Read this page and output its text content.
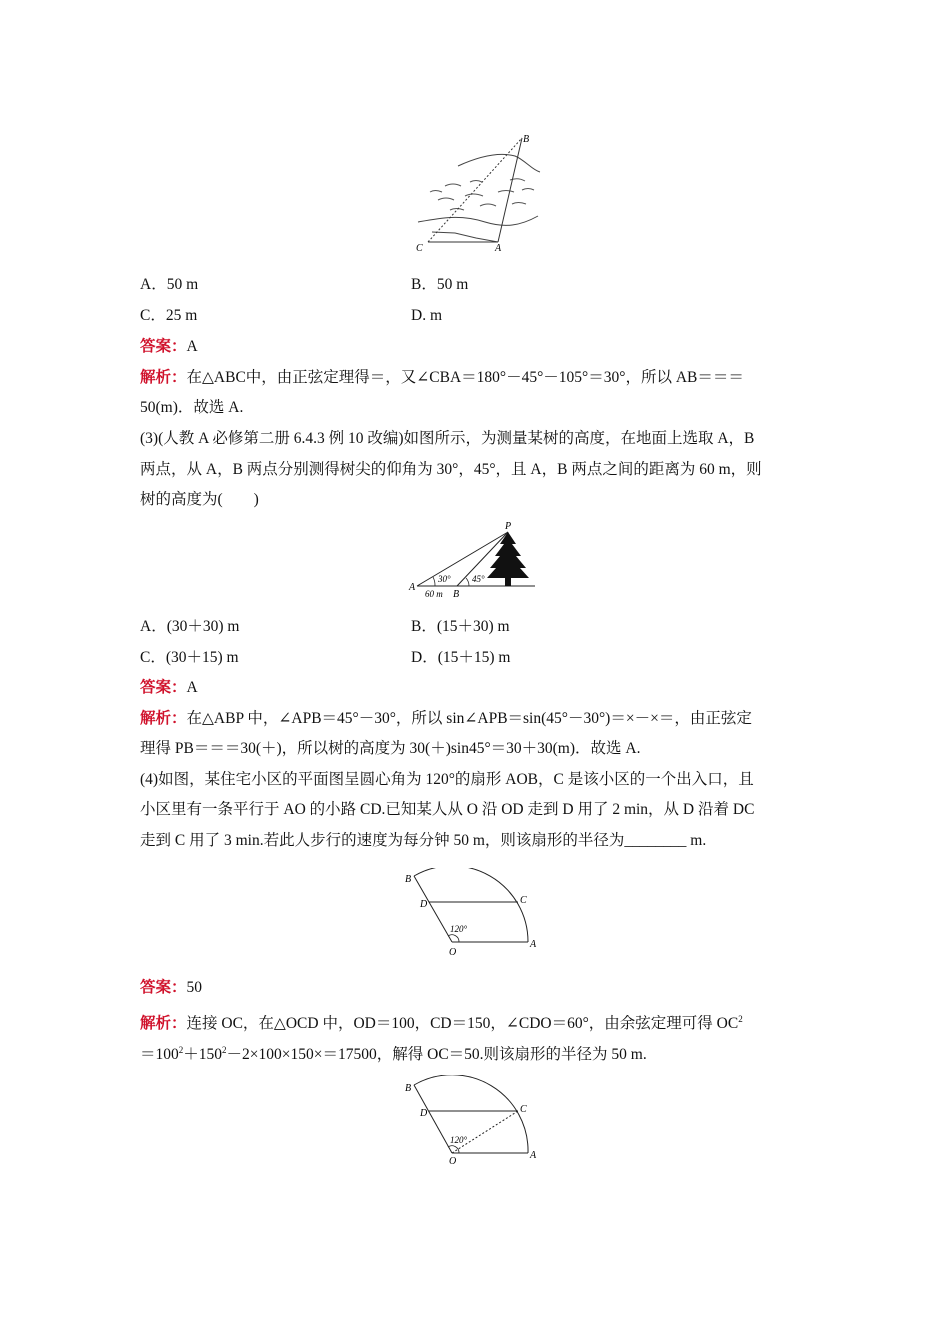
B
C	A
A．50 m	B．50 m
C．25 m	D. m
答案：A
解析：在△ABC中，由正弦定理得＝，又∠CBA＝180°－45°－105°＝30°，所以 AB＝＝＝
50(m)．故选 A.
(3)(人教 A 必修第二册 6.4.3 例 10 改编)如图所示，为测量某树的高度，在地面上选取 A，B
两点，从 A，B 两点分别测得树尖的仰角为 30°，45°，且 A，B 两点之间的距离为 60 m，则
树的高度为(　　)
P
A
B
30° 45°
60 m
A．(30＋30) m	B．(15＋30) m
C．(30＋15) m	D．(15＋15) m
答案：A
解析：在△ABP 中，∠APB＝45°－30°，所以 sin∠APB＝sin(45°－30°)＝×－×＝，由正弦定
理得 PB＝＝＝30(＋)，所以树的高度为 30(＋)sin45°＝30＋30(m)．故选 A.
(4)如图，某住宅小区的平面图呈圆心角为 120°的扇形 AOB，C 是该小区的一个出入口，且
小区里有一条平行于 AO 的小路 CD.已知某人从 O 沿 OD 走到 D 用了 2 min，从 D 沿着 DC
走到 C 用了 3 min.若此人步行的速度为每分钟 50 m，则该扇形的半径为________ m.
B
D	C
O
A
120°
答案：50
解析：连接 OC，在△OCD 中，OD＝100，CD＝150，∠CDO＝60°，由余弦定理可得 $OC^2$
$=100^2+150^2-2\times 100\times 150\times=17500$，解得 OC＝50.则该扇形的半径为 50 m.
B
D	C
O
A
120°
